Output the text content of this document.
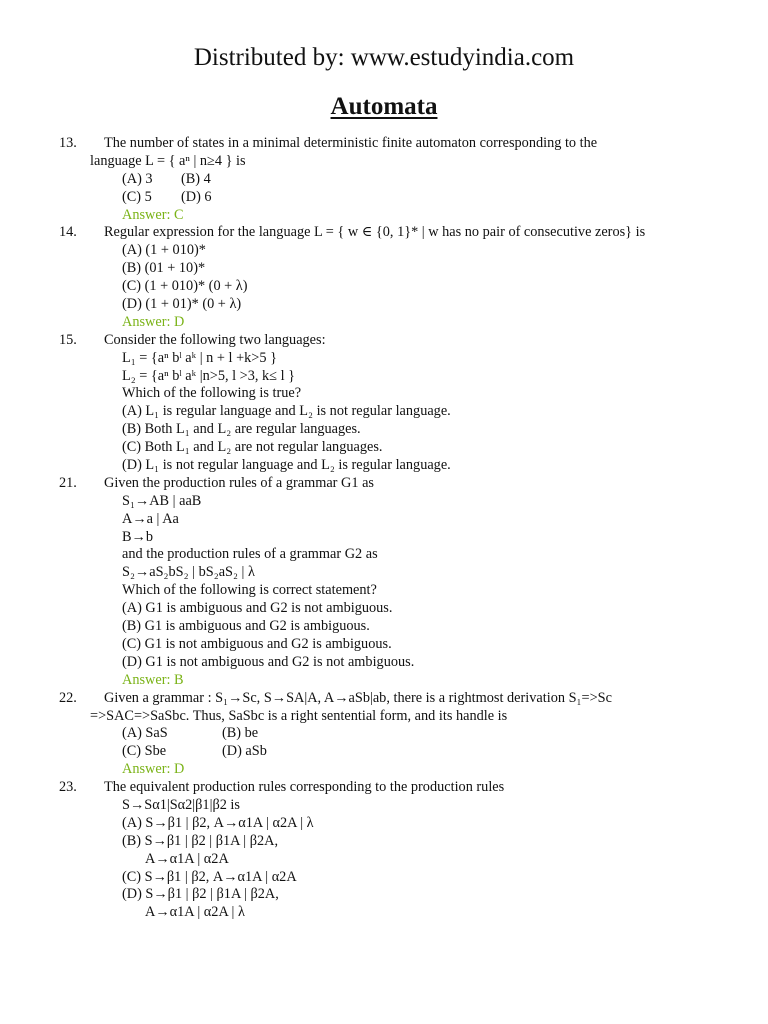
Distributed by: www.estudyindia.com
Automata
13. The number of states in a minimal deterministic finite automaton corresponding to the
language L = { aⁿ | n≥4 } is
(A) 3 (B) 4
(C) 5 (D) 6
Answer: C
14. Regular expression for the language L = { w ∈ {0, 1}* | w has no pair of consecutive zeros} is
(A) (1 + 010)*
(B) (01 + 10)*
(C) (1 + 010)* (0 + λ)
(D) (1 + 01)* (0 + λ)
Answer: D
15. Consider the following two languages:
L₁ = {aⁿ bˡ aᵏ | n + l +k>5 }
L₂ = {aⁿ bˡ aᵏ |n>5, l >3, k≤ l }
Which of the following is true?
(A) L₁ is regular language and L₂ is not regular language.
(B) Both L₁ and L₂ are regular languages.
(C) Both L₁ and L₂ are not regular languages.
(D) L₁ is not regular language and L₂ is regular language.
21. Given the production rules of a grammar G1 as
S₁→AB | aaB
A→a | Aa
B→b
and the production rules of a grammar G2 as
S₂→aS₂bS₂ | bS₂aS₂ | λ
Which of the following is correct statement?
(A) G1 is ambiguous and G2 is not ambiguous.
(B) G1 is ambiguous and G2 is ambiguous.
(C) G1 is not ambiguous and G2 is ambiguous.
(D) G1 is not ambiguous and G2 is not ambiguous.
Answer: B
22. Given a grammar : S₁→Sc, S→SA|A, A→aSb|ab, there is a rightmost derivation S₁=>Sc
=>SAC=>SaSbc. Thus, SaSbc is a right sentential form, and its handle is
(A) SaS	(B) be
(C) Sbe	(D) aSb
Answer: D
23. The equivalent production rules corresponding to the production rules
S→Sα1|Sα2|β1|β2 is
(A) S→β1 | β2, A→α1A | α2A | λ
(B) S→β1 | β2 | β1A | β2A,
A→α1A | α2A
(C) S→β1 | β2, A→α1A | α2A
(D) S→β1 | β2 | β1A | β2A,
A→α1A | α2A | λ
